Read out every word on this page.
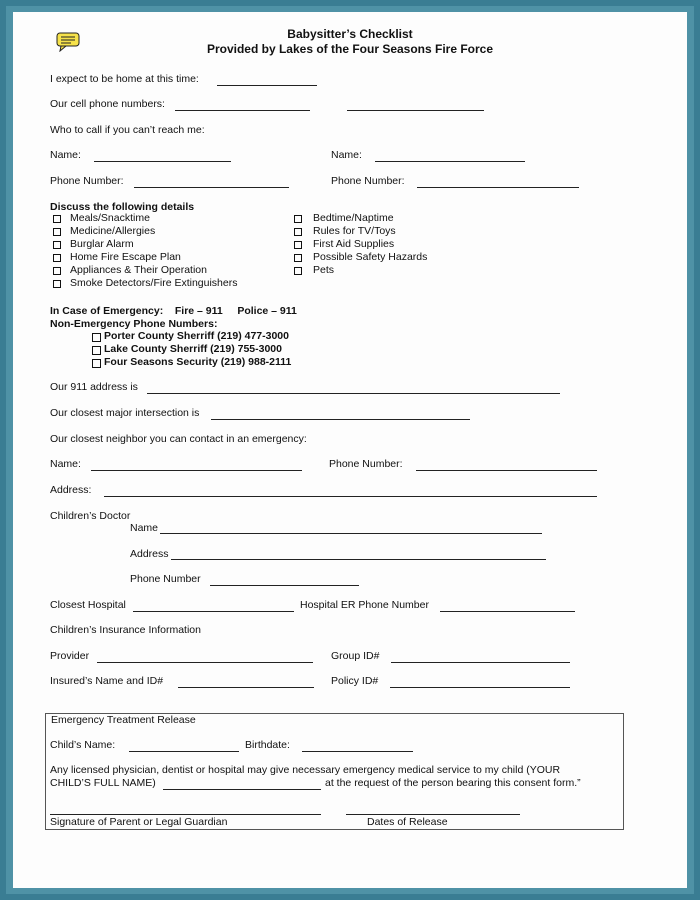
Babysitter’s Checklist
Provided by Lakes of the Four Seasons Fire Force
I expect to be home at this time:
Our cell phone numbers:
Who to call if you can’t reach me:
Name:	Name:
Phone Number:	Phone Number:
Discuss the following details
Meals/Snacktime
Medicine/Allergies
Burglar Alarm
Home Fire Escape Plan
Appliances & Their Operation
Smoke Detectors/Fire Extinguishers
Bedtime/Naptime
Rules for TV/Toys
First Aid Supplies
Possible Safety Hazards
Pets
In Case of Emergency:    Fire – 911     Police – 911
Non-Emergency Phone Numbers:
Porter County Sherriff (219) 477-3000
Lake County Sherriff (219) 755-3000
Four Seasons Security (219) 988-2111
Our 911 address is
Our closest major intersection is
Our closest neighbor you can contact in an emergency:
Name:	Phone Number:
Address:
Children’s Doctor
Name
Address
Phone Number
Closest Hospital	Hospital ER Phone Number
Children’s Insurance Information
Provider	Group ID#
Insured’s Name and ID#	Policy ID#
Emergency Treatment Release
Child’s Name:	Birthdate:
Any licensed physician, dentist or hospital may give necessary emergency medical service to my child (YOUR
CHILD’S FULL NAME)	at the request of the person bearing this consent form.”
Signature of Parent or Legal Guardian	Dates of Release
